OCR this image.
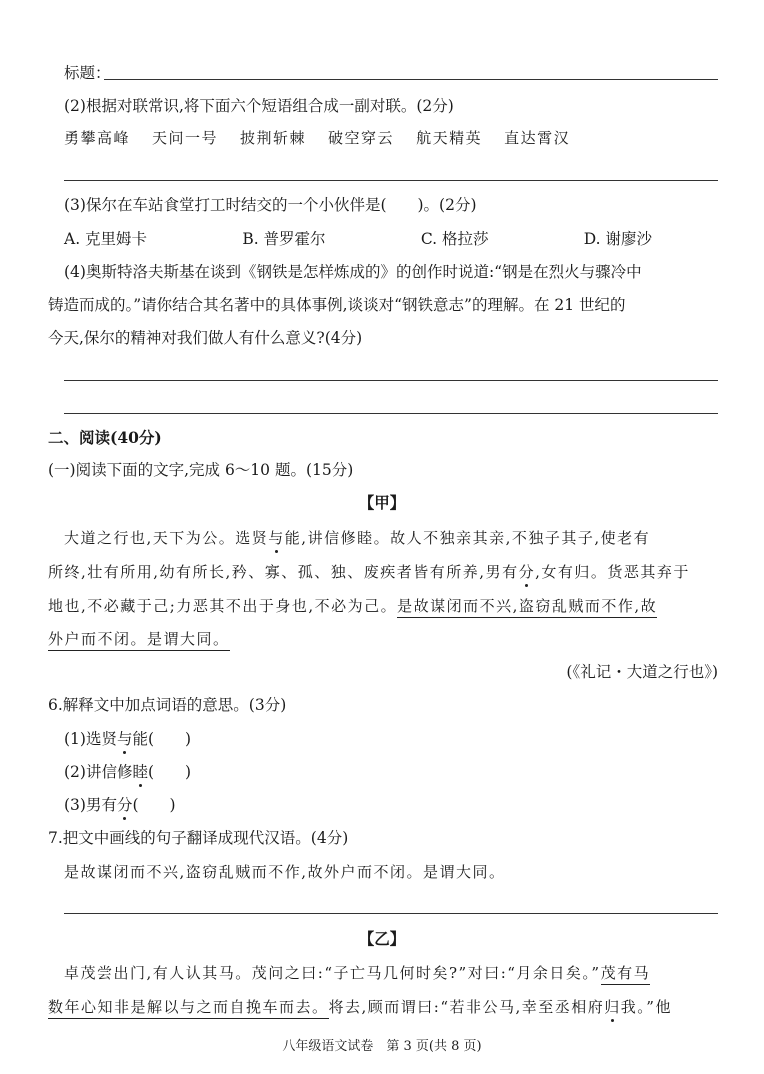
标题：
(2)根据对联常识,将下面六个短语组合成一副对联。(2分)
勇攀高峰 天问一号 披荆斩棘 破空穿云 航天精英 直达霄汉
(3)保尔在车站食堂打工时结交的一个小伙伴是(　　)。(2分)
A. 克里姆卡	B. 普罗霍尔	C. 格拉莎	D. 谢廖沙
(4)奥斯特洛夫斯基在谈到《钢铁是怎样炼成的》的创作时说道:“钢是在烈火与骤冷中
铸造而成的。”请你结合其名著中的具体事例,谈谈对“钢铁意志”的理解。在 21 世纪的
今天,保尔的精神对我们做人有什么意义?(4分)
二、阅读(40分)
(一)阅读下面的文字,完成 6～10 题。(15分)
【甲】
大道之行也,天下为公。选贤与能,讲信修睦。故人不独亲其亲,不独子其子,使老有
所终,壮有所用,幼有所长,矜、寡、孤、独、废疾者皆有所养,男有分,女有归。货恶其弃于
地也,不必藏于己;力恶其不出于身也,不必为己。是故谋闭而不兴,盗窃乱贼而不作,故
外户而不闭。是谓大同。
(《礼记・大道之行也》)
6.解释文中加点词语的意思。(3分)
(1)选贤与能(　　)
(2)讲信修睦(　　)
(3)男有分(　　)
7.把文中画线的句子翻译成现代汉语。(4分)
是故谋闭而不兴,盗窃乱贼而不作,故外户而不闭。是谓大同。
【乙】
卓茂尝出门,有人认其马。茂问之曰:“子亡马几何时矣?”对曰:“月余日矣。”茂有马
数年心知非是解以与之而自挽车而去。将去,顾而谓曰:“若非公马,幸至丞相府归我。”他
八年级语文试卷　第 3 页(共 8 页)
